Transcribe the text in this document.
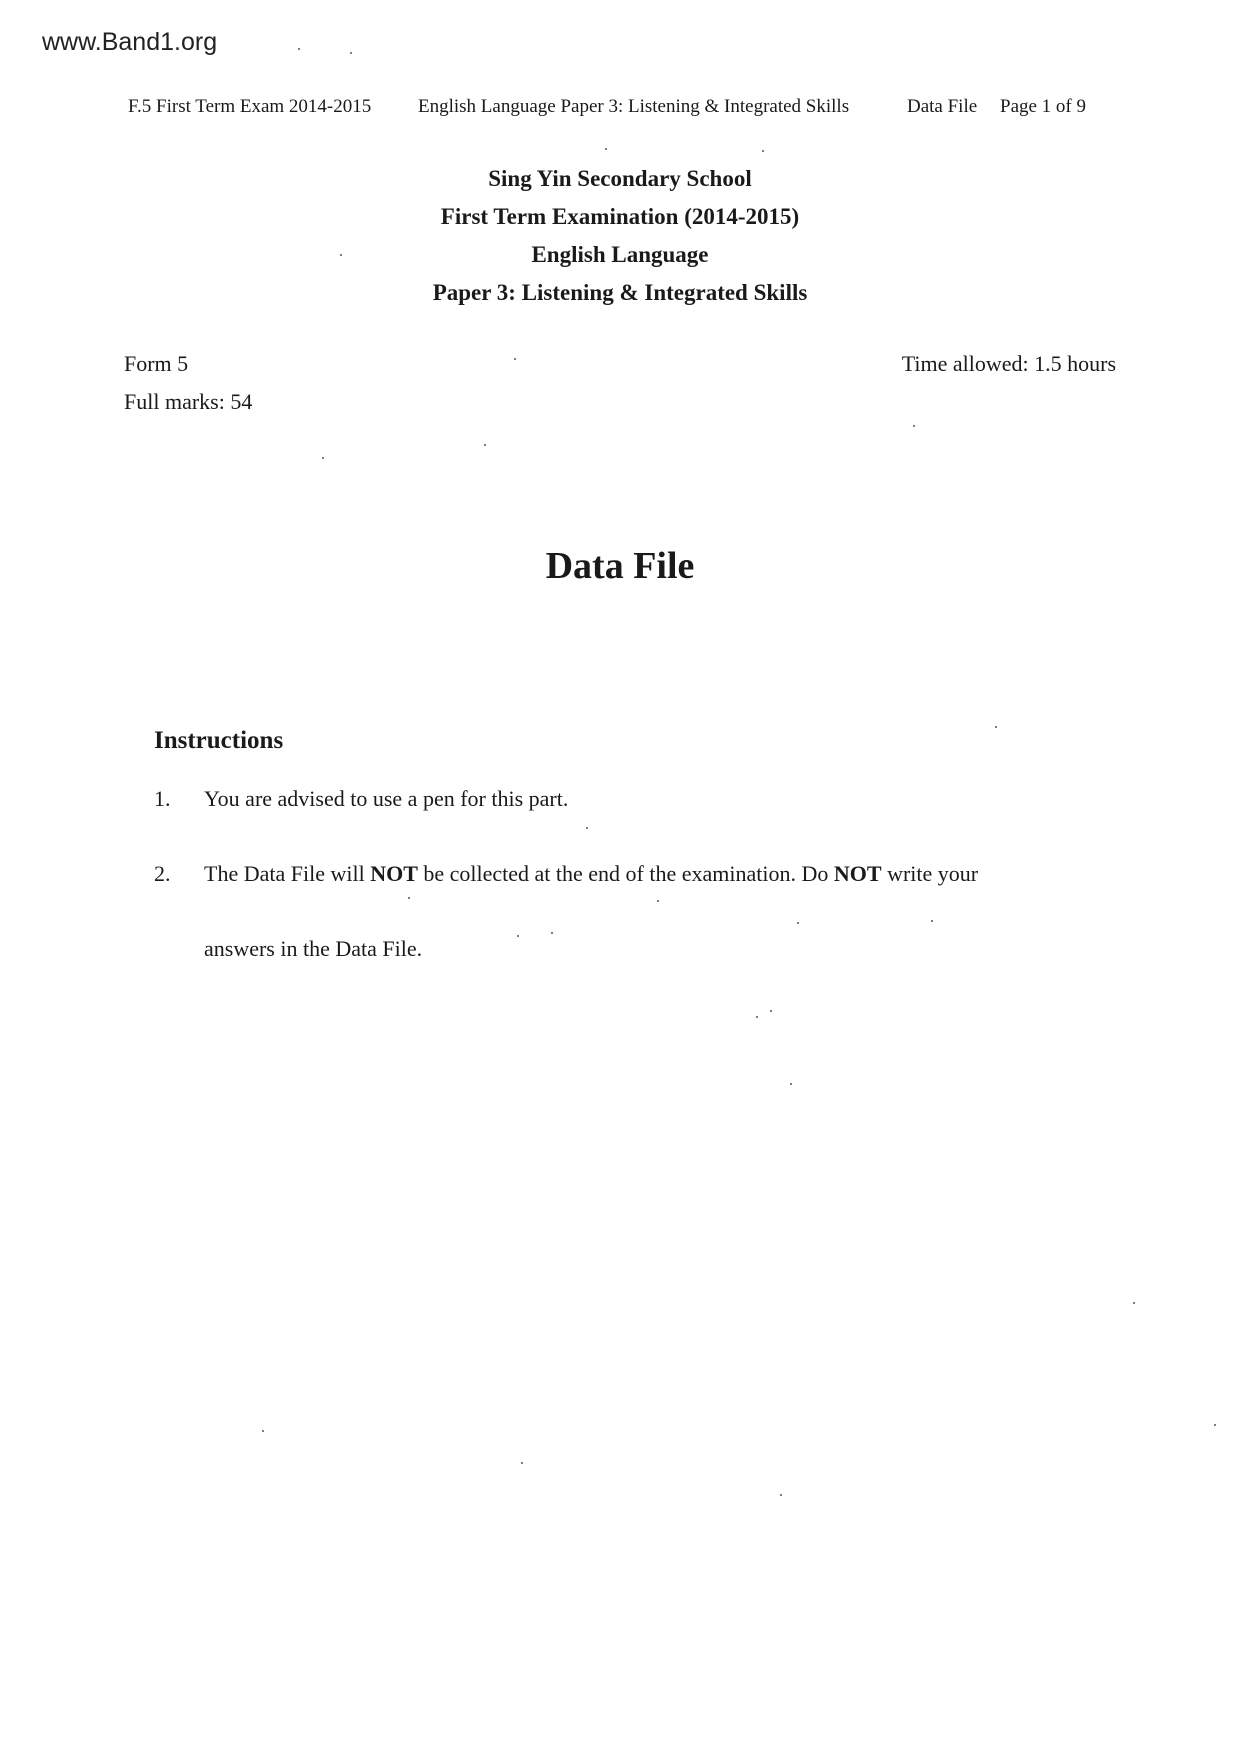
www.Band1.org
F.5 First Term Exam 2014-2015 English Language Paper 3: Listening & Integrated Skills	Data File Page 1 of 9
Sing Yin Secondary School
First Term Examination (2014-2015)
English Language
Paper 3: Listening & Integrated Skills
Form 5
Full marks: 54
Time allowed: 1.5 hours
Data File
Instructions
1. You are advised to use a pen for this part.
2. The Data File will NOT be collected at the end of the examination. Do NOT write your
answers in the Data File.
